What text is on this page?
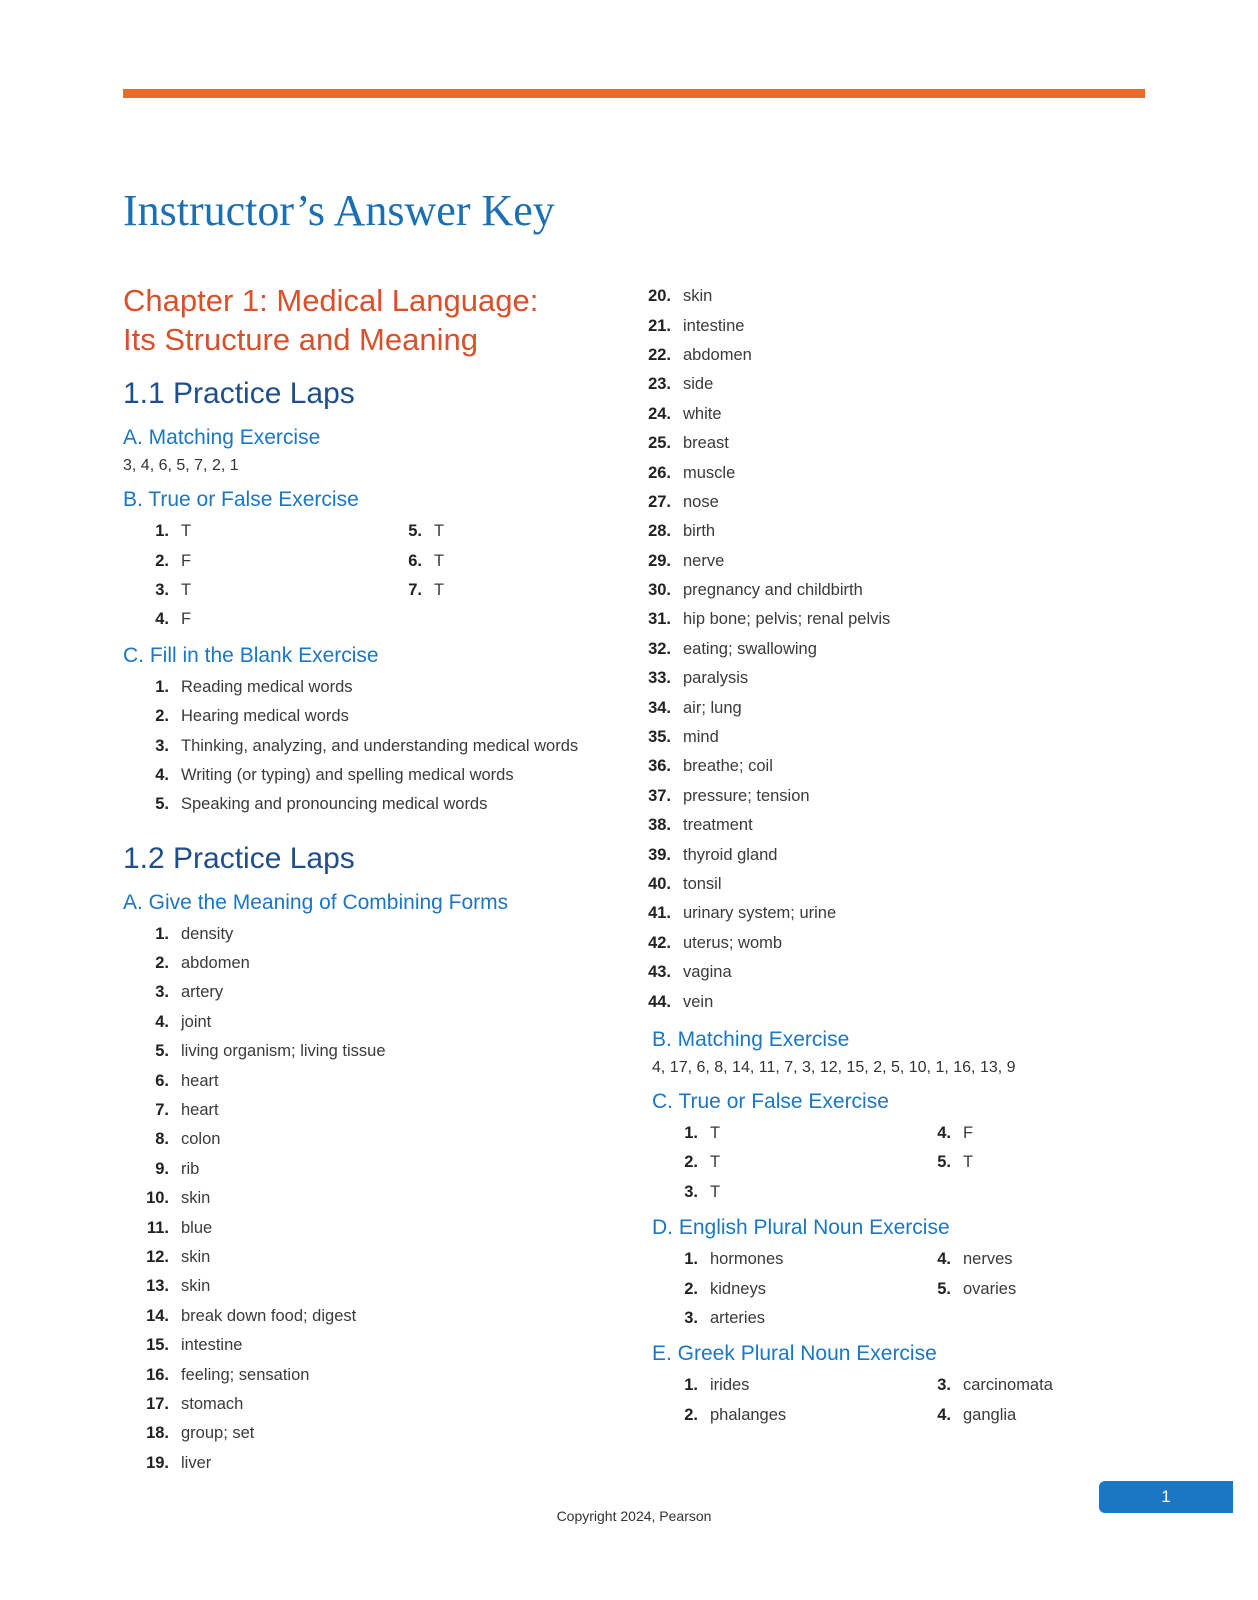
Instructor’s Answer Key
Chapter 1: Medical Language:
Its Structure and Meaning
1.1 Practice Laps
A. Matching Exercise
3, 4, 6, 5, 7, 2, 1
B. True or False Exercise
1. T
2. F
3. T
4. F
5. T
6. T
7. T
C. Fill in the Blank Exercise
1. Reading medical words
2. Hearing medical words
3. Thinking, analyzing, and understanding medical words
4. Writing (or typing) and spelling medical words
5. Speaking and pronouncing medical words
1.2 Practice Laps
A. Give the Meaning of Combining Forms
1. density
2. abdomen
3. artery
4. joint
5. living organism; living tissue
6. heart
7. heart
8. colon
9. rib
10. skin
11. blue
12. skin
13. skin
14. break down food; digest
15. intestine
16. feeling; sensation
17. stomach
18. group; set
19. liver
20. skin
21. intestine
22. abdomen
23. side
24. white
25. breast
26. muscle
27. nose
28. birth
29. nerve
30. pregnancy and childbirth
31. hip bone; pelvis; renal pelvis
32. eating; swallowing
33. paralysis
34. air; lung
35. mind
36. breathe; coil
37. pressure; tension
38. treatment
39. thyroid gland
40. tonsil
41. urinary system; urine
42. uterus; womb
43. vagina
44. vein
B. Matching Exercise
4, 17, 6, 8, 14, 11, 7, 3, 12, 15, 2, 5, 10, 1, 16, 13, 9
C. True or False Exercise
1. T
2. T
3. T
4. F
5. T
D. English Plural Noun Exercise
1. hormones
2. kidneys
3. arteries
4. nerves
5. ovaries
E. Greek Plural Noun Exercise
1. irides
2. phalanges
3. carcinomata
4. ganglia
1
Copyright 2024, Pearson
